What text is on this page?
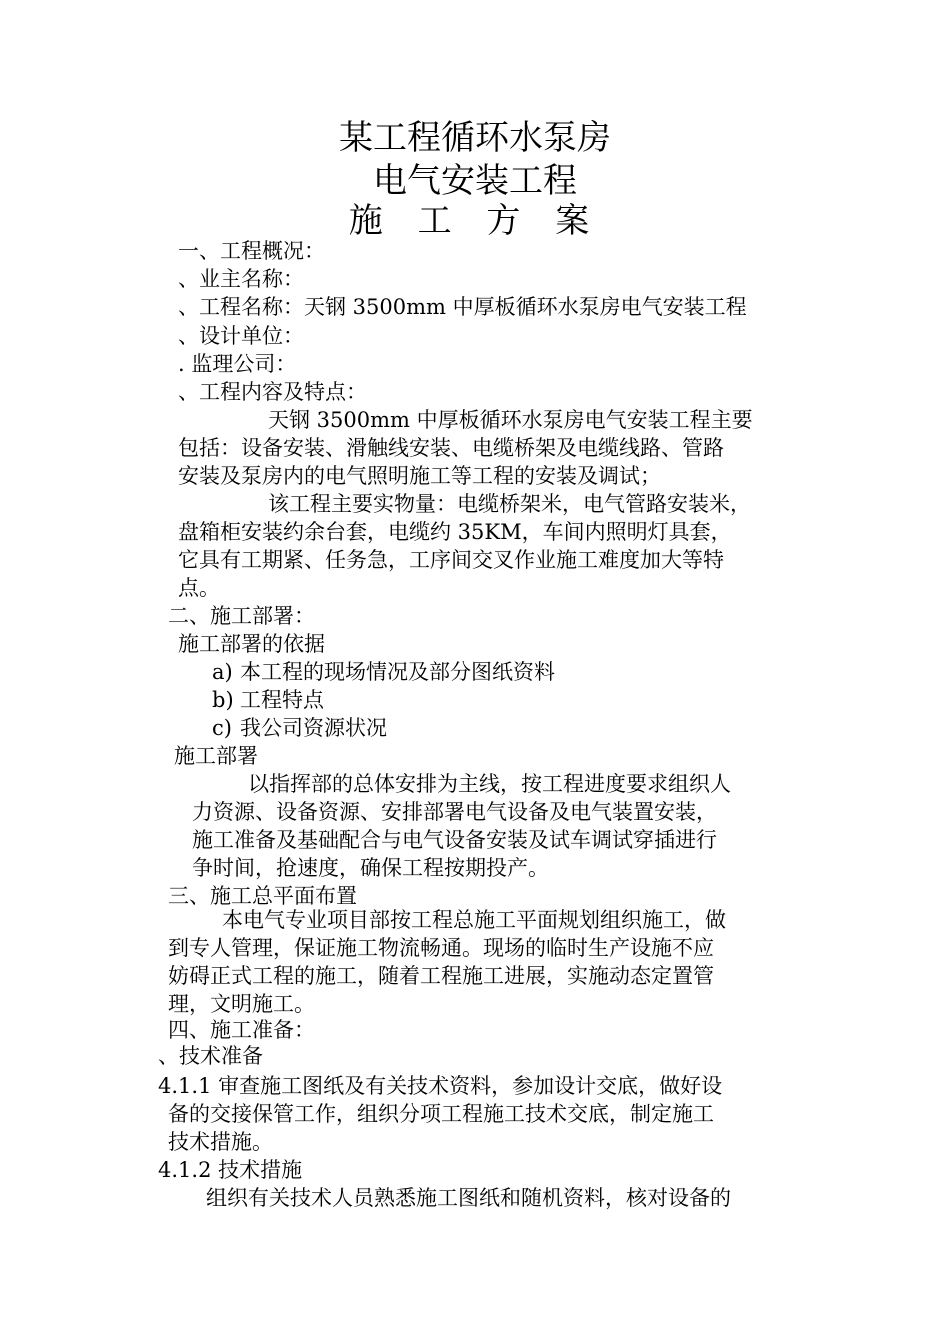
某工程循环水泵房
电气安装工程
施 工 方 案
一、工程概况：
、业主名称：
、工程名称：天钢 3500mm 中厚板循环水泵房电气安装工程
、设计单位：
. 监理公司：
、工程内容及特点：
天钢 3500mm 中厚板循环水泵房电气安装工程主要
包括：设备安装、滑触线安装、电缆桥架及电缆线路、管路
安装及泵房内的电气照明施工等工程的安装及调试；
该工程主要实物量：电缆桥架米，电气管路安装米，
盘箱柜安装约余台套，电缆约 35KM，车间内照明灯具套，
它具有工期紧、任务急，工序间交叉作业施工难度加大等特
点。
二、施工部署：
施工部署的依据
a) 本工程的现场情况及部分图纸资料
b) 工程特点
c) 我公司资源状况
施工部署
以指挥部的总体安排为主线，按工程进度要求组织人
力资源、设备资源、安排部署电气设备及电气装置安装，
施工准备及基础配合与电气设备安装及试车调试穿插进行
争时间，抢速度，确保工程按期投产。
三、施工总平面布置
本电气专业项目部按工程总施工平面规划组织施工，做
到专人管理，保证施工物流畅通。现场的临时生产设施不应
妨碍正式工程的施工，随着工程施工进展，实施动态定置管
理，文明施工。
四、施工准备：
、技术准备
4.1.1 审查施工图纸及有关技术资料，参加设计交底，做好设
备的交接保管工作，组织分项工程施工技术交底，制定施工
技术措施。
4.1.2 技术措施
组织有关技术人员熟悉施工图纸和随机资料，核对设备的
